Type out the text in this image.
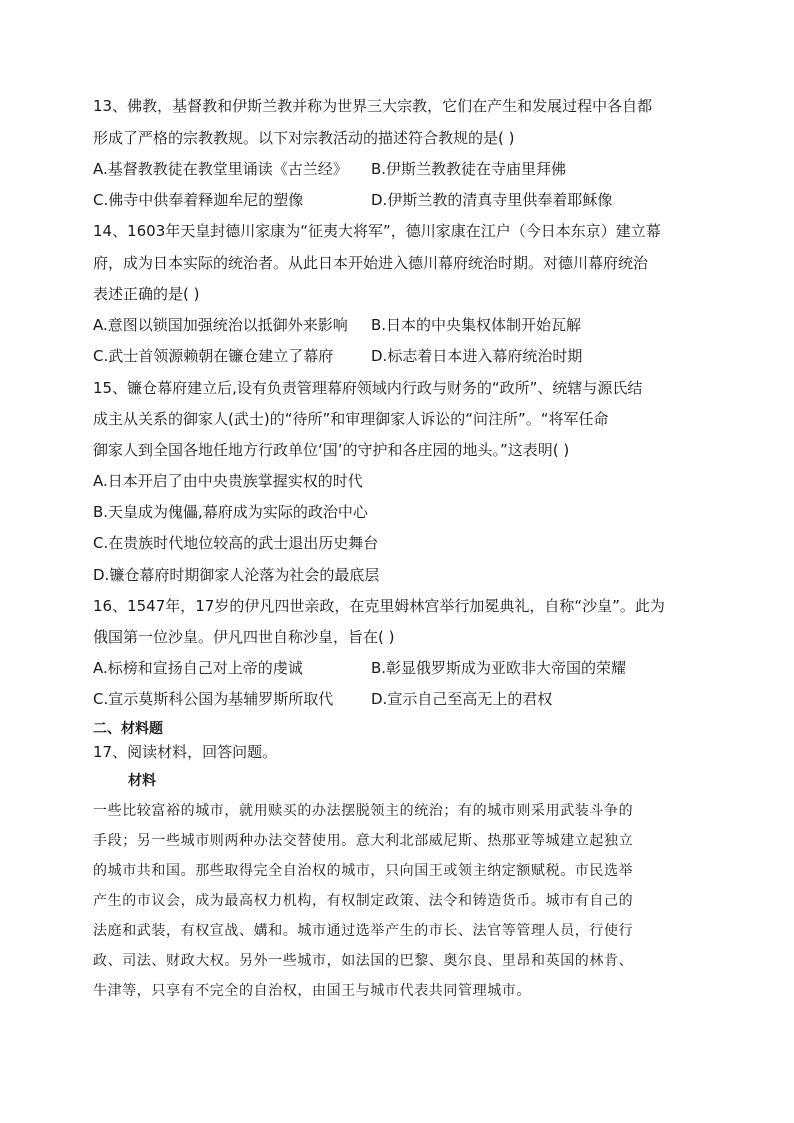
13、佛教，基督教和伊斯兰教并称为世界三大宗教，它们在产生和发展过程中各自都
形成了严格的宗教教规。以下对宗教活动的描述符合教规的是( )
A.基督教教徒在教堂里诵读《古兰经》 B.伊斯兰教教徒在寺庙里拜佛
C.佛寺中供奉着释迦牟尼的塑像	D.伊斯兰教的清真寺里供奉着耶稣像
14、1603年天皇封德川家康为“征夷大将军”，德川家康在江户（今日本东京）建立幕
府，成为日本实际的统治者。从此日本开始进入德川幕府统治时期。对德川幕府统治
表述正确的是( )
A.意图以锁国加强统治以抵御外来影响 B.日本的中央集权体制开始瓦解
C.武士首领源赖朝在镰仓建立了幕府	D.标志着日本进入幕府统治时期
15、镰仓幕府建立后,设有负责管理幕府领域内行政与财务的“政所”、统辖与源氏结
成主从关系的御家人(武士)的“待所”和审理御家人诉讼的“问注所”。“将军任命
御家人到全国各地任地方行政单位‘国’的守护和各庄园的地头。”这表明( )
A.日本开启了由中央贵族掌握实权的时代
B.天皇成为傀儡,幕府成为实际的政治中心
C.在贵族时代地位较高的武士退出历史舞台
D.镰仓幕府时期御家人沦落为社会的最底层
16、1547年，17岁的伊凡四世亲政，在克里姆林宫举行加冕典礼，自称“沙皇”。此为
俄国第一位沙皇。伊凡四世自称沙皇，旨在( )
A.标榜和宣扬自己对上帝的虔诚	B.彰显俄罗斯成为亚欧非大帝国的荣耀
C.宣示莫斯科公国为基辅罗斯所取代	D.宣示自己至高无上的君权
二、材料题
17、阅读材料，回答问题。
材料
一些比较富裕的城市，就用赎买的办法摆脱领主的统治；有的城市则采用武装斗争的
手段；另一些城市则两种办法交替使用。意大利北部威尼斯、热那亚等城建立起独立
的城市共和国。那些取得完全自治权的城市，只向国王或领主纳定额赋税。市民选举
产生的市议会，成为最高权力机构，有权制定政策、法令和铸造货币。城市有自己的
法庭和武装，有权宣战、媾和。城市通过选举产生的市长、法官等管理人员，行使行
政、司法、财政大权。另外一些城市，如法国的巴黎、奥尔良、里昂和英国的林肯、
牛津等，只享有不完全的自治权，由国王与城市代表共同管理城市。
